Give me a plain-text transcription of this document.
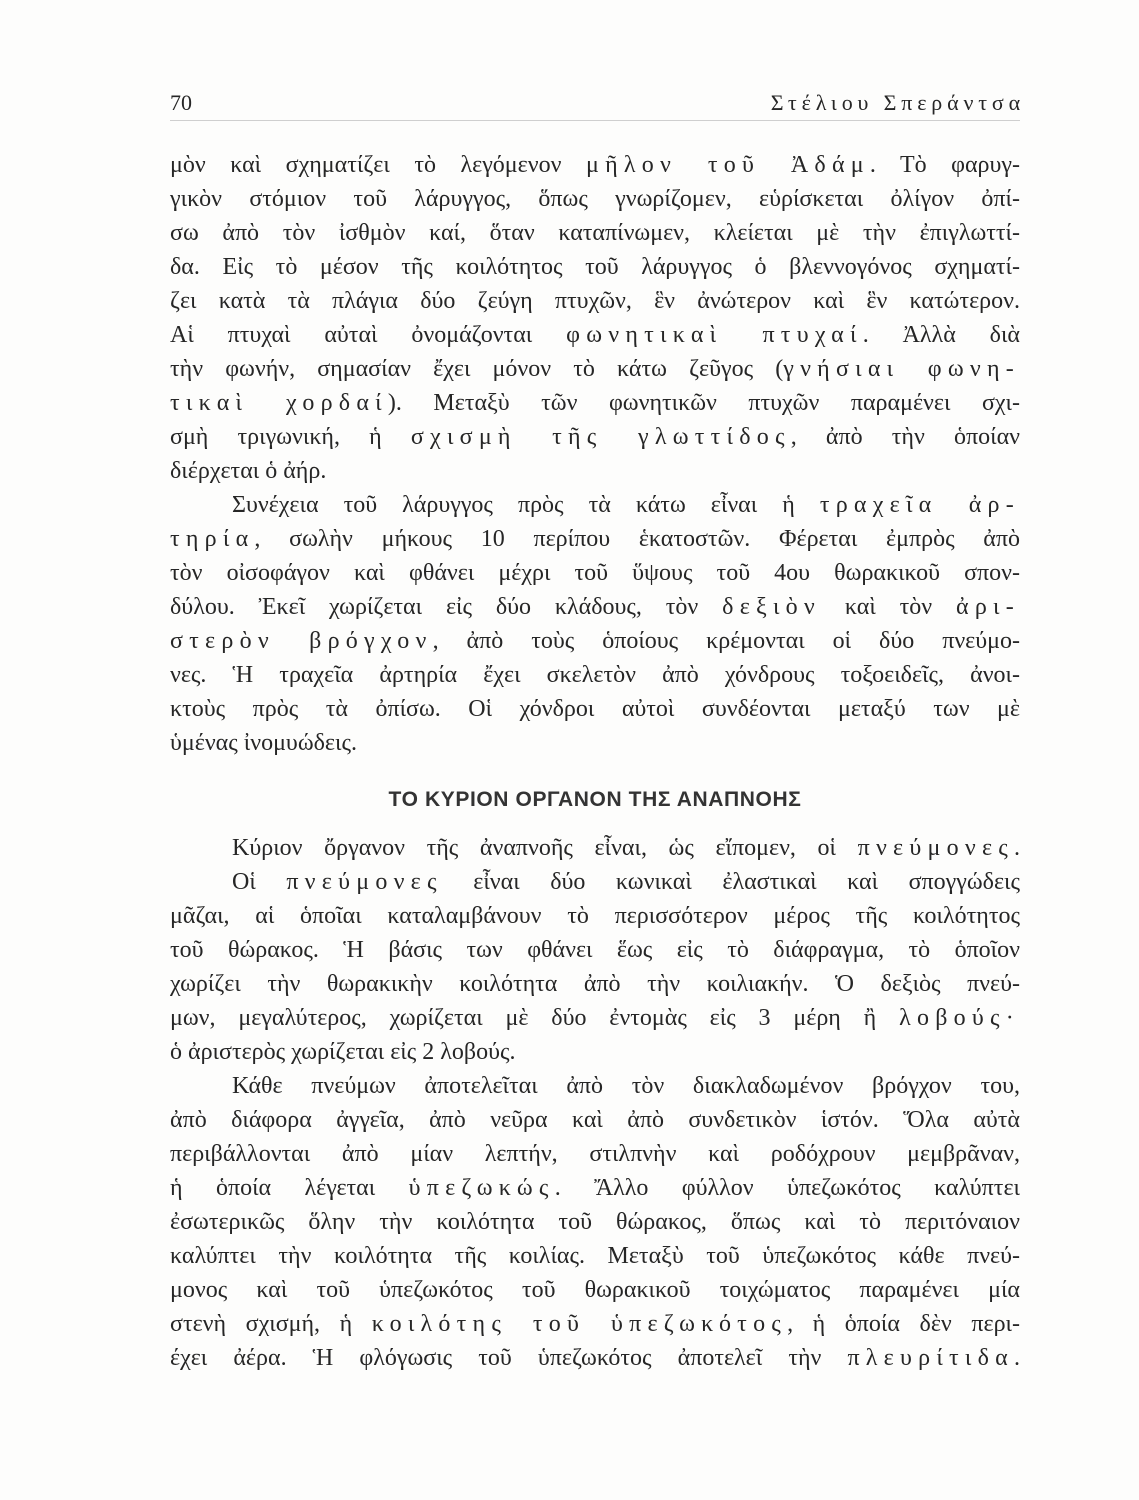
70	Στέλιου Σπεράντσα
μὸν καὶ σχηματίζει τὸ λεγόμενον μῆλον τοῦ Ἀδάμ. Τὸ φαρυγ-
γικὸν στόμιον τοῦ λάρυγγος, ὅπως γνωρίζομεν, εὑρίσκεται ὀλίγον ὀπί-
σω ἀπὸ τὸν ἰσθμὸν καί, ὅταν καταπίνωμεν, κλείεται μὲ τὴν ἐπιγλωττί-
δα. Εἰς τὸ μέσον τῆς κοιλότητος τοῦ λάρυγγος ὁ βλεννογόνος σχηματί-
ζει κατὰ τὰ πλάγια δύο ζεύγη πτυχῶν, ἓν ἀνώτερον καὶ ἓν κατώτερον.
Αἱ πτυχαὶ αὐταὶ ὀνομάζονται φωνητικαὶ πτυχαί. Ἀλλὰ διὰ
τὴν φωνήν, σημασίαν ἔχει μόνον τὸ κάτω ζεῦγος (γνήσιαι φωνη-
τικαὶ χορδαί). Μεταξὺ τῶν φωνητικῶν πτυχῶν παραμένει σχι-
σμὴ τριγωνική, ἡ σχισμὴ τῆς γλωττίδος, ἀπὸ τὴν ὁποίαν
διέρχεται ὁ ἀήρ.
Συνέχεια τοῦ λάρυγγος πρὸς τὰ κάτω εἶναι ἡ τραχεῖα ἀρ-
τηρία, σωλὴν μήκους 10 περίπου ἑκατοστῶν. Φέρεται ἐμπρὸς ἀπὸ
τὸν οἰσοφάγον καὶ φθάνει μέχρι τοῦ ὕψους τοῦ 4ου θωρακικοῦ σπον-
δύλου. Ἐκεῖ χωρίζεται εἰς δύο κλάδους, τὸν δεξιὸν καὶ τὸν ἀρι-
στερὸν βρόγχον, ἀπὸ τοὺς ὁποίους κρέμονται οἱ δύο πνεύμο-
νες. Ἡ τραχεῖα ἀρτηρία ἔχει σκελετὸν ἀπὸ χόνδρους τοξοειδεῖς, ἀνοι-
κτοὺς πρὸς τὰ ὀπίσω. Οἱ χόνδροι αὐτοὶ συνδέονται μεταξύ των μὲ
ὑμένας ἰνομυώδεις.
ΤΟ ΚΥΡΙΟΝ ΟΡΓΑΝΟΝ ΤΗΣ ΑΝΑΠΝΟΗΣ
Κύριον ὄργανον τῆς ἀναπνοῆς εἶναι, ὡς εἴπομεν, οἱ πνεύμονες.
Οἱ πνεύμονες εἶναι δύο κωνικαὶ ἐλαστικαὶ καὶ σπογγώδεις
μᾶζαι, αἱ ὁποῖαι καταλαμβάνουν τὸ περισσότερον μέρος τῆς κοιλότητος
τοῦ θώρακος. Ἡ βάσις των φθάνει ἕως εἰς τὸ διάφραγμα, τὸ ὁποῖον
χωρίζει τὴν θωρακικὴν κοιλότητα ἀπὸ τὴν κοιλιακήν. Ὁ δεξιὸς πνεύ-
μων, μεγαλύτερος, χωρίζεται μὲ δύο ἐντομὰς εἰς 3 μέρη ἢ λοβούς·
ὁ ἀριστερὸς χωρίζεται εἰς 2 λοβούς.
Κάθε πνεύμων ἀποτελεῖται ἀπὸ τὸν διακλαδωμένον βρόγχον του,
ἀπὸ διάφορα ἀγγεῖα, ἀπὸ νεῦρα καὶ ἀπὸ συνδετικὸν ἱστόν. Ὅλα αὐτὰ
περιβάλλονται ἀπὸ μίαν λεπτήν, στιλπνὴν καὶ ροδόχρουν μεμβρᾶναν,
ἡ ὁποία λέγεται ὑπεζωκώς. Ἄλλο φύλλον ὑπεζωκότος καλύπτει
ἐσωτερικῶς ὅλην τὴν κοιλότητα τοῦ θώρακος, ὅπως καὶ τὸ περιτόναιον
καλύπτει τὴν κοιλότητα τῆς κοιλίας. Μεταξὺ τοῦ ὑπεζωκότος κάθε πνεύ-
μονος καὶ τοῦ ὑπεζωκότος τοῦ θωρακικοῦ τοιχώματος παραμένει μία
στενὴ σχισμή, ἡ κοιλότης τοῦ ὑπεζωκότος, ἡ ὁποία δὲν περι-
έχει ἀέρα. Ἡ φλόγωσις τοῦ ὑπεζωκότος ἀποτελεῖ τὴν πλευρίτιδα.
